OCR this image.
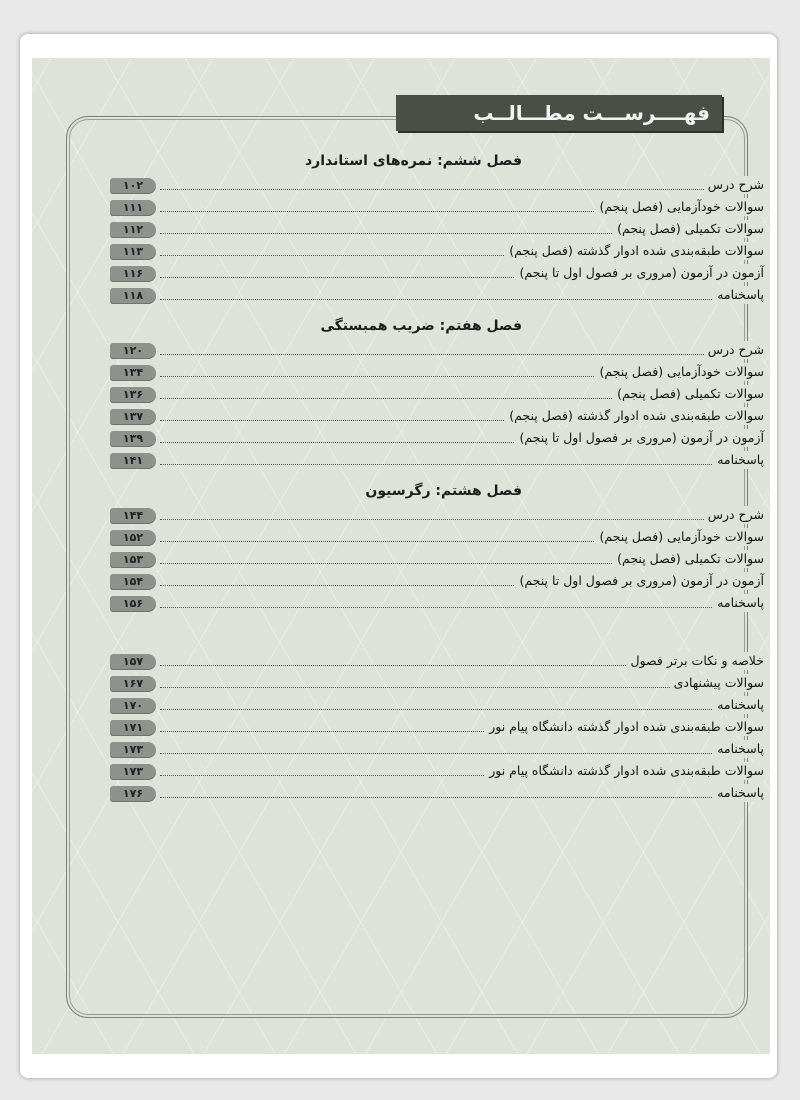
فهــــرســـت مطـــالــب
فصل ششم: نمره‌های استاندارد
۱۰۲	شرح درس
۱۱۱	سوالات خودآزمایی (فصل پنجم)
۱۱۲	سوالات تکمیلی (فصل پنجم)
۱۱۳	سوالات طبقه‌بندی شده ادوار گذشته (فصل پنجم)
۱۱۶	آزمون در آزمون (مروری بر فصول اول تا پنجم)
۱۱۸	پاسخنامه
فصل هفتم: ضریب همبستگی
۱۲۰	شرح درس
۱۳۴	سوالات خودآزمایی (فصل پنجم)
۱۳۶	سوالات تکمیلی (فصل پنجم)
۱۳۷	سوالات طبقه‌بندی شده ادوار گذشته (فصل پنجم)
۱۳۹	آزمون در آزمون (مروری بر فصول اول تا پنجم)
۱۴۱	پاسخنامه
فصل هشتم: رگرسیون
۱۴۴	شرح درس
۱۵۲	سوالات خودآزمایی (فصل پنجم)
۱۵۳	سوالات تکمیلی (فصل پنجم)
۱۵۴	آزمون در آزمون (مروری بر فصول اول تا پنجم)
۱۵۶	پاسخنامه
۱۵۷	خلاصه و نکات برتر فصول
۱۶۷	سوالات پیشنهادی
۱۷۰	پاسخنامه
۱۷۱	سوالات طبقه‌بندی شده ادوار گذشته دانشگاه پیام نور
۱۷۳	پاسخنامه
۱۷۳	سوالات طبقه‌بندی شده ادوار گذشته دانشگاه پیام نور
۱۷۶	پاسخنامه
